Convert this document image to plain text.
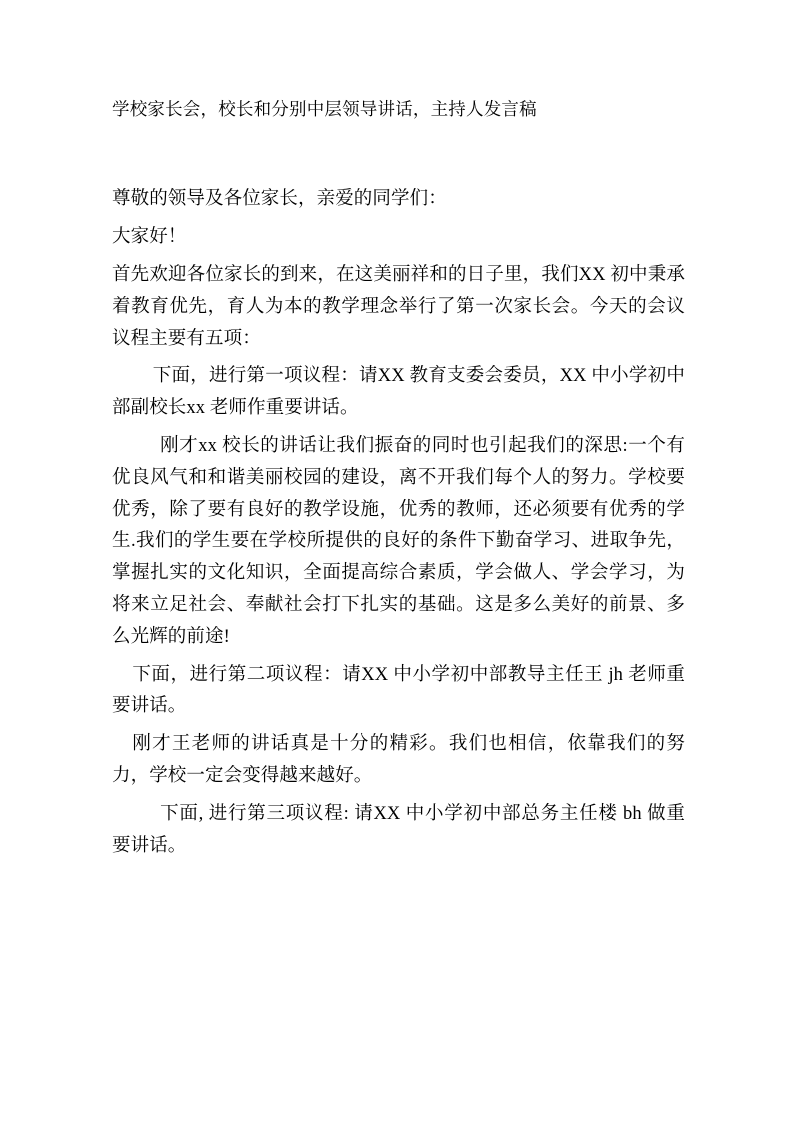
学校家长会，校长和分别中层领导讲话，主持人发言稿

尊敬的领导及各位家长，亲爱的同学们：

大家好！

首先欢迎各位家长的到来，在这美丽祥和的日子里，我们XX 初中秉承着教育优先，育人为本的教学理念举行了第一次家长会。今天的会议议程主要有五项：

下面，进行第一项议程：请XX 教育支委会委员，XX 中小学初中部副校长xx 老师作重要讲话。

刚才xx 校长的讲话让我们振奋的同时也引起我们的深思:一个有优良风气和和谐美丽校园的建设，离不开我们每个人的努力。学校要优秀，除了要有良好的教学设施，优秀的教师，还必须要有优秀的学生.我们的学生要在学校所提供的良好的条件下勤奋学习、进取争先，掌握扎实的文化知识，全面提高综合素质，学会做人、学会学习，为将来立足社会、奉献社会打下扎实的基础。这是多么美好的前景、多么光辉的前途!

下面，进行第二项议程：请XX 中小学初中部教导主任王 jh 老师重要讲话。

刚才王老师的讲话真是十分的精彩。我们也相信，依靠我们的努力，学校一定会变得越来越好。

下面, 进行第三项议程: 请XX 中小学初中部总务主任楼 bh 做重要讲话。
